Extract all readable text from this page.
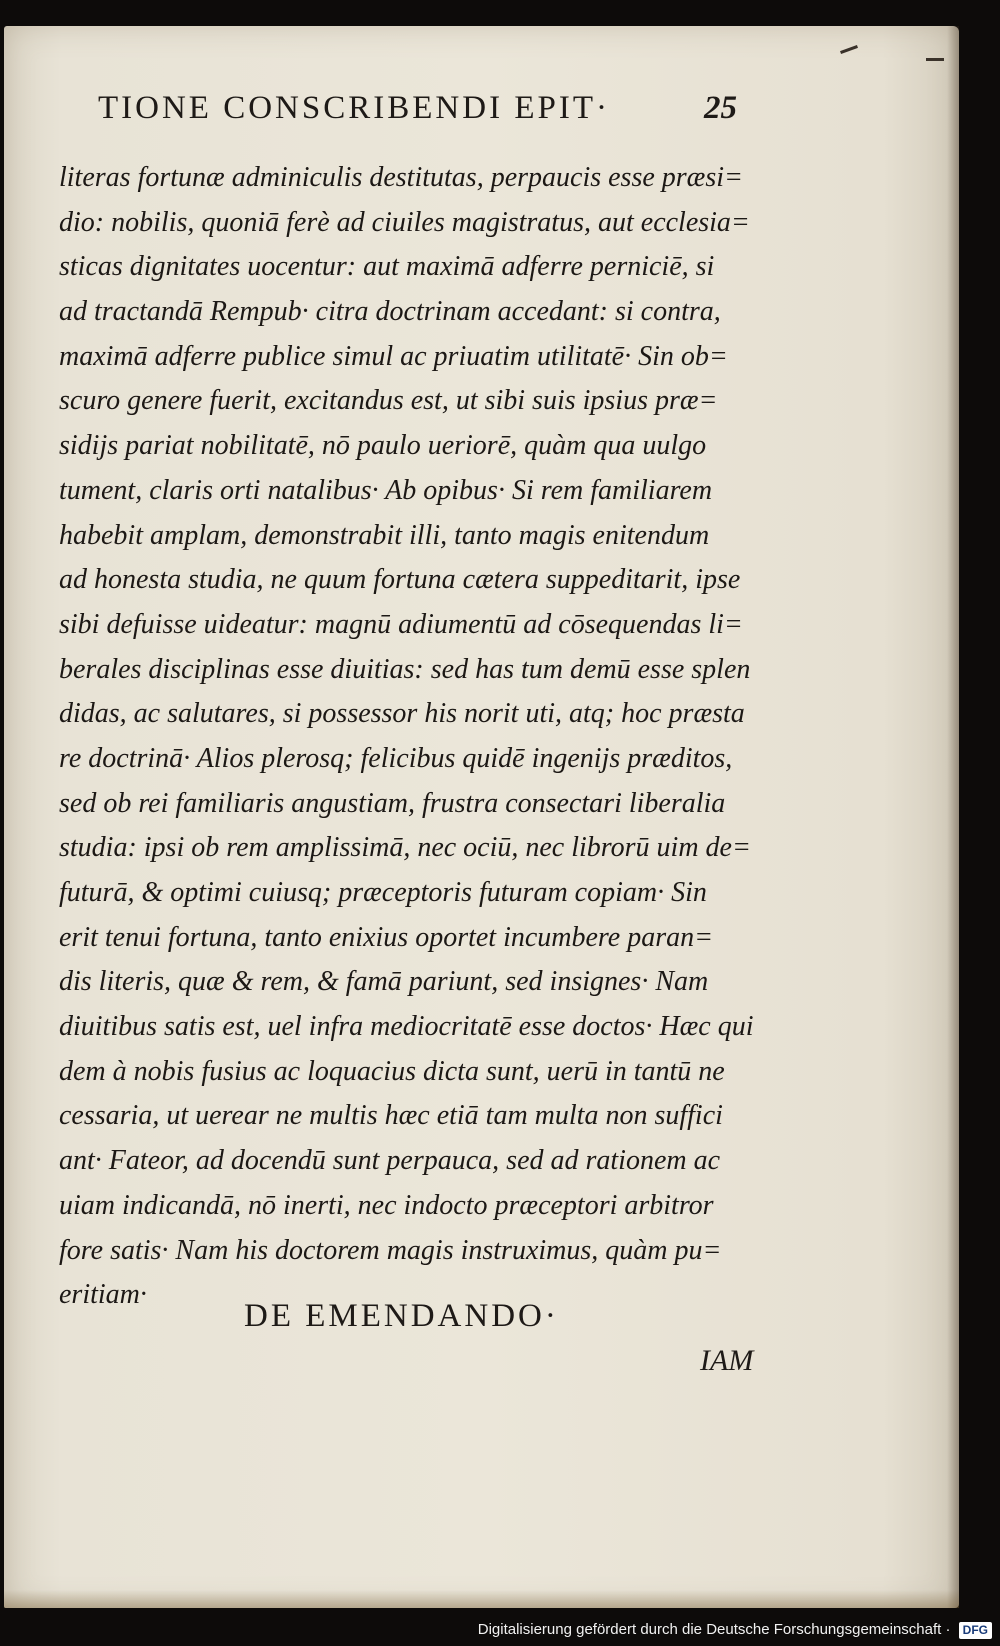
TIONE CONSCRIBENDI EPIT·	25
literas fortunæ adminiculis destitutas, perpaucis esse præsi=
dio: nobilis, quoniā ferè ad ciuiles magistratus, aut ecclesia=
sticas dignitates uocentur: aut maximā adferre perniciē, si
ad tractandā Rempub· citra doctrinam accedant: si contra,
maximā adferre publice simul ac priuatim utilitatē· Sin ob=
scuro genere fuerit, excitandus est, ut sibi suis ipsius præ=
sidijs pariat nobilitatē, nō paulo ueriorē, quàm qua uulgo
tument, claris orti natalibus· Ab opibus· Si rem familiarem
habebit amplam, demonstrabit illi, tanto magis enitendum
ad honesta studia, ne quum fortuna cætera suppeditarit, ipse
sibi defuisse uideatur: magnū adiumentū ad cōsequendas li=
berales disciplinas esse diuitias: sed has tum demū esse splen
didas, ac salutares, si possessor his norit uti, atq; hoc præsta
re doctrinā· Alios plerosq; felicibus quidē ingenijs præditos,
sed ob rei familiaris angustiam, frustra consectari liberalia
studia: ipsi ob rem amplissimā, nec ociū, nec librorū uim de=
futurā, & optimi cuiusq; præceptoris futuram copiam· Sin
erit tenui fortuna, tanto enixius oportet incumbere paran=
dis literis, quæ & rem, & famā pariunt, sed insignes· Nam
diuitibus satis est, uel infra mediocritatē esse doctos· Hæc qui
dem à nobis fusius ac loquacius dicta sunt, uerū in tantū ne
cessaria, ut uerear ne multis hæc etiā tam multa non suffici
ant· Fateor, ad docendū sunt perpauca, sed ad rationem ac
uiam indicandā, nō inerti, nec indocto præceptori arbitror
fore satis· Nam his doctorem magis instruximus, quàm pu=
eritiam·
DE EMENDANDO·
IAM
Digitalisierung gefördert durch die Deutsche Forschungsgemeinschaft · DFG
